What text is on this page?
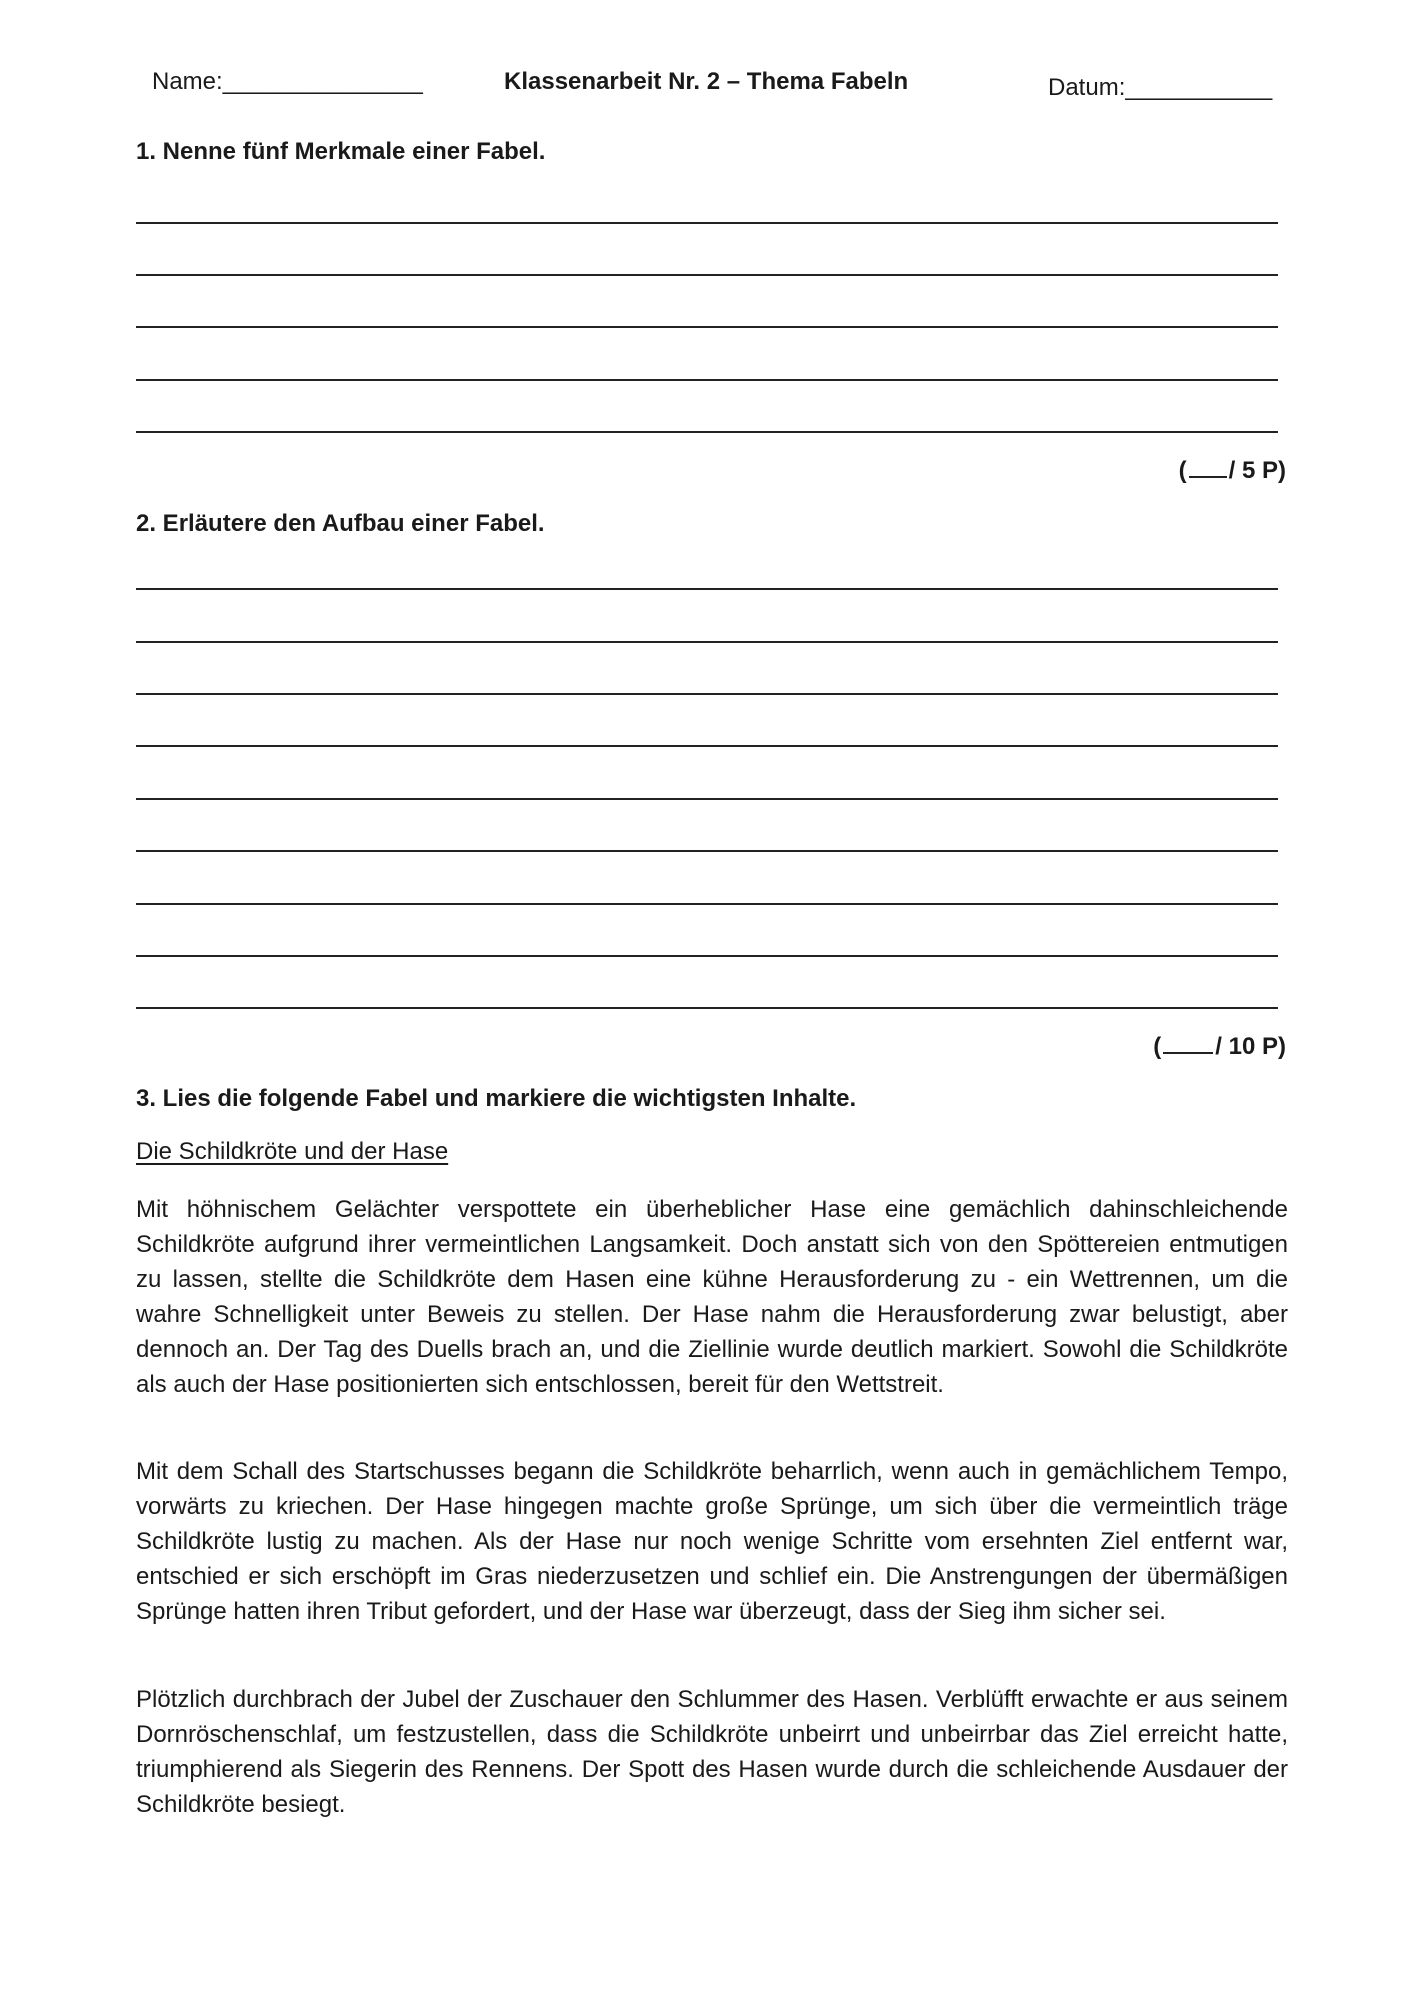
Name:_______________	Klassenarbeit Nr. 2 – Thema Fabeln	Datum:___________
1. Nenne fünf Merkmale einer Fabel.
( / 5 P)
2. Erläutere den Aufbau einer Fabel.
( / 10 P)
3. Lies die folgende Fabel und markiere die wichtigsten Inhalte.
Die Schildkröte und der Hase

Mit höhnischem Gelächter verspottete ein überheblicher Hase eine gemächlich dahinschleichende Schildkröte aufgrund ihrer vermeintlichen Langsamkeit. Doch anstatt sich von den Spöttereien entmutigen zu lassen, stellte die Schildkröte dem Hasen eine kühne Herausforderung zu - ein Wettrennen, um die wahre Schnelligkeit unter Beweis zu stellen. Der Hase nahm die Herausforderung zwar belustigt, aber dennoch an. Der Tag des Duells brach an, und die Ziellinie wurde deutlich markiert. Sowohl die Schildkröte als auch der Hase positionierten sich entschlossen, bereit für den Wettstreit.

Mit dem Schall des Startschusses begann die Schildkröte beharrlich, wenn auch in gemächlichem Tempo, vorwärts zu kriechen. Der Hase hingegen machte große Sprünge, um sich über die vermeintlich träge Schildkröte lustig zu machen. Als der Hase nur noch wenige Schritte vom ersehnten Ziel entfernt war, entschied er sich erschöpft im Gras niederzusetzen und schlief ein. Die Anstrengungen der übermäßigen Sprünge hatten ihren Tribut gefordert, und der Hase war überzeugt, dass der Sieg ihm sicher sei.

Plötzlich durchbrach der Jubel der Zuschauer den Schlummer des Hasen. Verblüfft erwachte er aus seinem Dornröschenschlaf, um festzustellen, dass die Schildkröte unbeirrt und unbeirrbar das Ziel erreicht hatte, triumphierend als Siegerin des Rennens. Der Spott des Hasen wurde durch die schleichende Ausdauer der Schildkröte besiegt.
